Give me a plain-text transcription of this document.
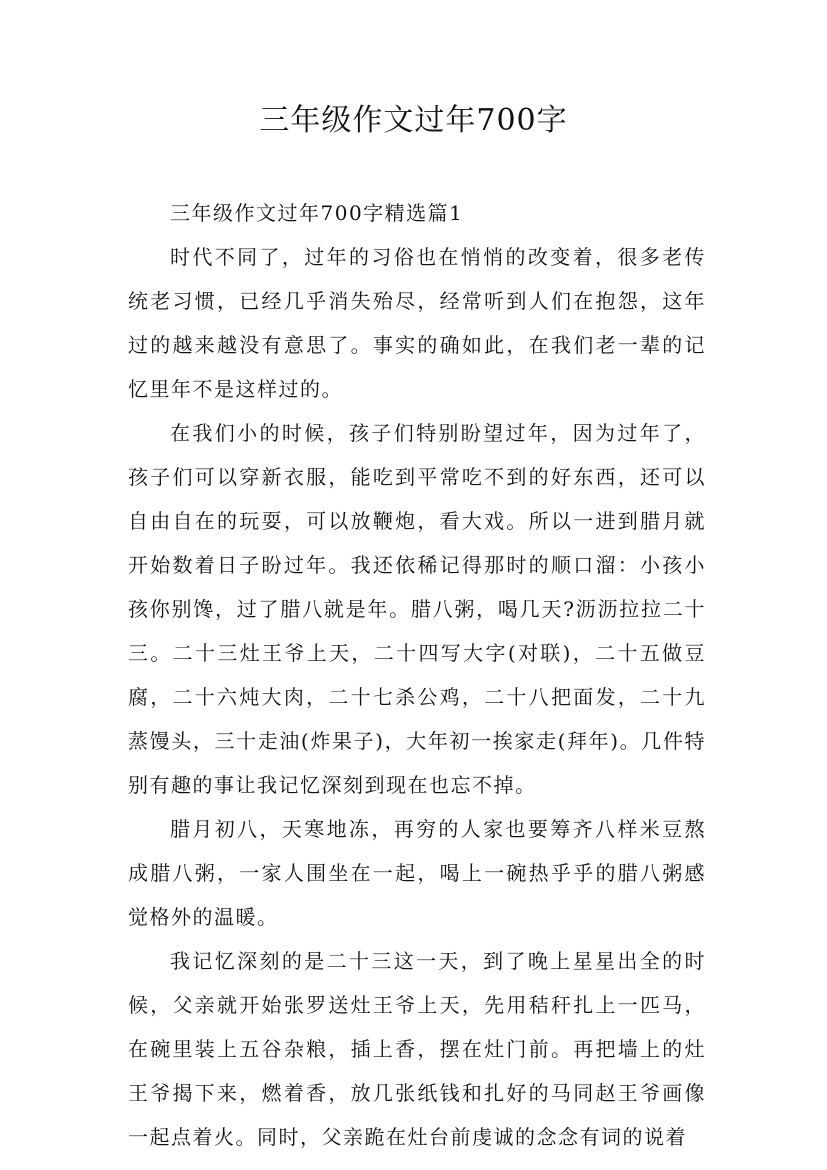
三年级作文过年700字

三年级作文过年700字精选篇1

时代不同了，过年的习俗也在悄悄的改变着，很多老传统老习惯，已经几乎消失殆尽，经常听到人们在抱怨，这年过的越来越没有意思了。事实的确如此，在我们老一辈的记忆里年不是这样过的。

在我们小的时候，孩子们特别盼望过年，因为过年了，孩子们可以穿新衣服，能吃到平常吃不到的好东西，还可以自由自在的玩耍，可以放鞭炮，看大戏。所以一进到腊月就开始数着日子盼过年。我还依稀记得那时的顺口溜：小孩小孩你别馋，过了腊八就是年。腊八粥，喝几天?沥沥拉拉二十三。二十三灶王爷上天，二十四写大字(对联)，二十五做豆腐，二十六炖大肉，二十七杀公鸡，二十八把面发，二十九蒸馒头，三十走油(炸果子)，大年初一挨家走(拜年)。几件特别有趣的事让我记忆深刻到现在也忘不掉。

腊月初八，天寒地冻，再穷的人家也要筹齐八样米豆熬成腊八粥，一家人围坐在一起，喝上一碗热乎乎的腊八粥感觉格外的温暖。

我记忆深刻的是二十三这一天，到了晚上星星出全的时候，父亲就开始张罗送灶王爷上天，先用秸秆扎上一匹马，在碗里装上五谷杂粮，插上香，摆在灶门前。再把墙上的灶王爷揭下来，燃着香，放几张纸钱和扎好的马同赵王爷画像一起点着火。同时，父亲跪在灶台前虔诚的念念有词的说着
